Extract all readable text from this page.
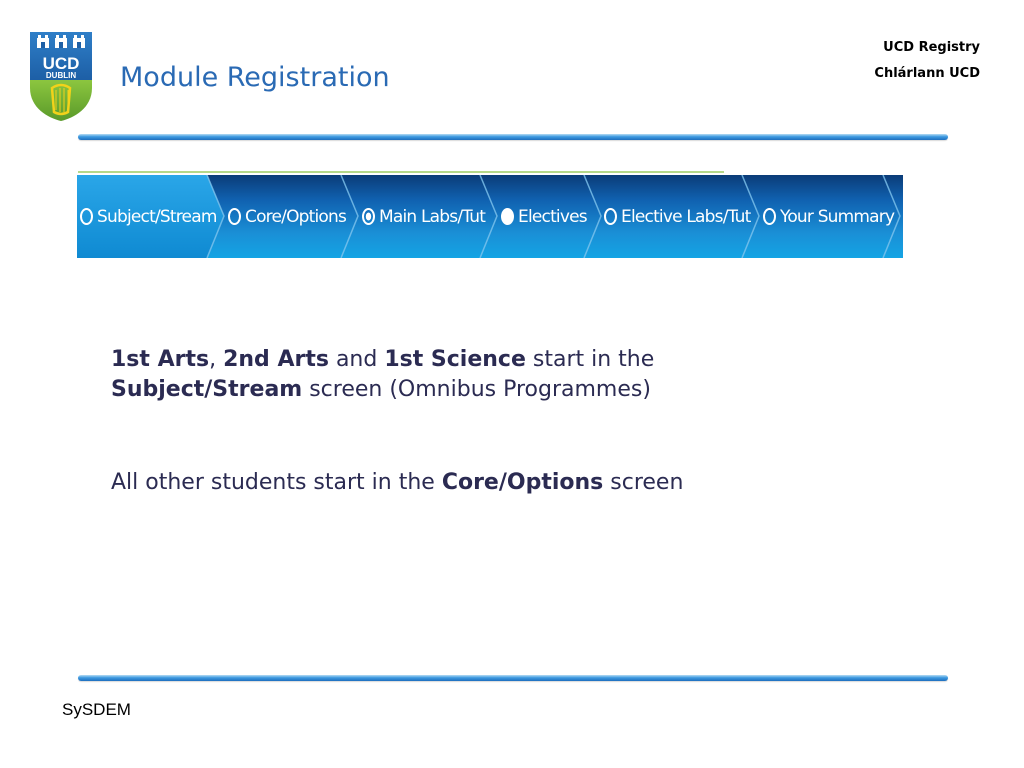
UCD
DUBLIN Module Registration
UCD Registry
Chlárlann UCD
Subject/Stream Core/Options Main Labs/Tut Electives Elective Labs/Tut Your Summary
1st Arts, 2nd Arts and 1st Science start in the
Subject/Stream screen (Omnibus Programmes)
All other students start in the Core/Options screen
SySDEM
